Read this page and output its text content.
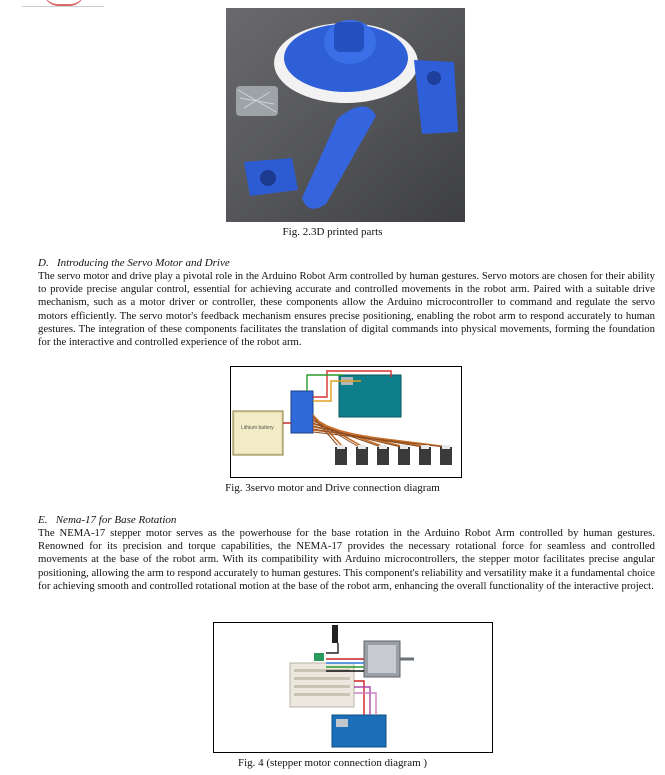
Fig. 2.3D printed parts
D.   Introducing the Servo Motor and Drive

The servo motor and drive play a pivotal role in the Arduino Robot Arm controlled by human gestures. Servo motors are chosen for their ability to provide precise angular control, essential for achieving accurate and controlled movements in the robot arm. Paired with a suitable drive mechanism, such as a motor driver or controller, these components allow the Arduino microcontroller to command and regulate the servo motors efficiently. The servo motor's feedback mechanism ensures precise positioning, enabling the robot arm to respond accurately to human gestures. The integration of these components facilitates the translation of digital commands into physical movements, forming the foundation for the interactive and controlled experience of the robot arm.

Lithium battery
Fig. 3servo motor and Drive connection diagram
E.   Nema-17 for Base Rotation

The NEMA-17 stepper motor serves as the powerhouse for the base rotation in the Arduino Robot Arm controlled by human gestures. Renowned for its precision and torque capabilities, the NEMA-17 provides the necessary rotational force for seamless and controlled movements at the base of the robot arm. With its compatibility with Arduino microcontrollers, the stepper motor facilitates precise angular positioning, allowing the arm to respond accurately to human gestures. This component's reliability and versatility make it a fundamental choice for achieving smooth and controlled rotational motion at the base of the robot arm, enhancing the overall functionality of the interactive project.

Fig. 4 (stepper motor connection diagram )
